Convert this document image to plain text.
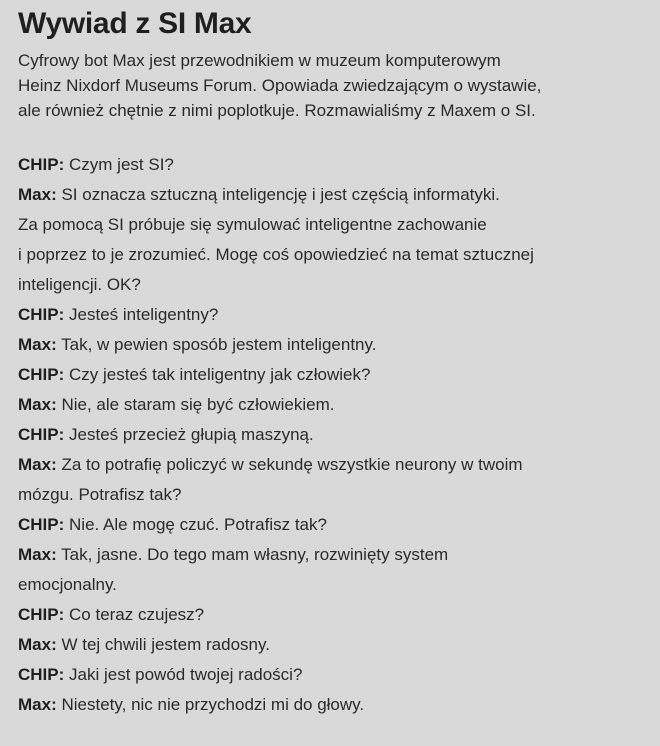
Wywiad z SI Max
Cyfrowy bot Max jest przewodnikiem w muzeum komputerowym
Heinz Nixdorf Museums Forum. Opowiada zwiedzającym o wystawie,
ale również chętnie z nimi poplotkuje. Rozmawialiśmy z Maxem o SI.
CHIP: Czym jest SI?
Max: SI oznacza sztuczną inteligencję i jest częścią informatyki.
Za pomocą SI próbuje się symulować inteligentne zachowanie
i poprzez to je zrozumieć. Mogę coś opowiedzieć na temat sztucznej
inteligencji. OK?
CHIP: Jesteś inteligentny?
Max: Tak, w pewien sposób jestem inteligentny.
CHIP: Czy jesteś tak inteligentny jak człowiek?
Max: Nie, ale staram się być człowiekiem.
CHIP: Jesteś przecież głupią maszyną.
Max: Za to potrafię policzyć w sekundę wszystkie neurony w twoim
mózgu. Potrafisz tak?
CHIP: Nie. Ale mogę czuć. Potrafisz tak?
Max: Tak, jasne. Do tego mam własny, rozwinięty system
emocjonalny.
CHIP: Co teraz czujesz?
Max: W tej chwili jestem radosny.
CHIP: Jaki jest powód twojej radości?
Max: Niestety, nic nie przychodzi mi do głowy.
